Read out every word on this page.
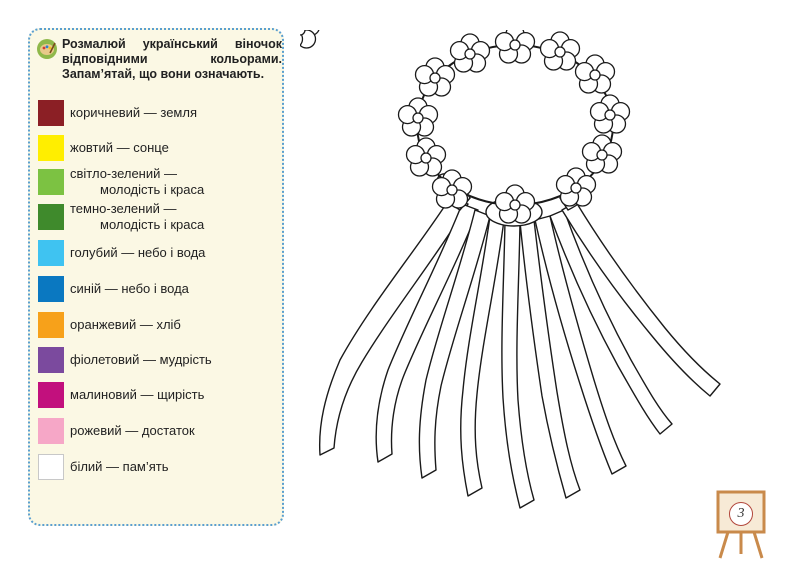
Розмалюй український віночок відповідними кольорами. Запам’ятай, що вони означають.

коричневий — земля
жовтий — сонце
світло-зелений —
молодість і краса
темно-зелений —
молодість і краса
голубий — небо і вода
синій — небо і вода
оранжевий — хліб
фіолетовий — мудрість
малиновий — щирість
рожевий — достаток
білий — пам’ять
3
